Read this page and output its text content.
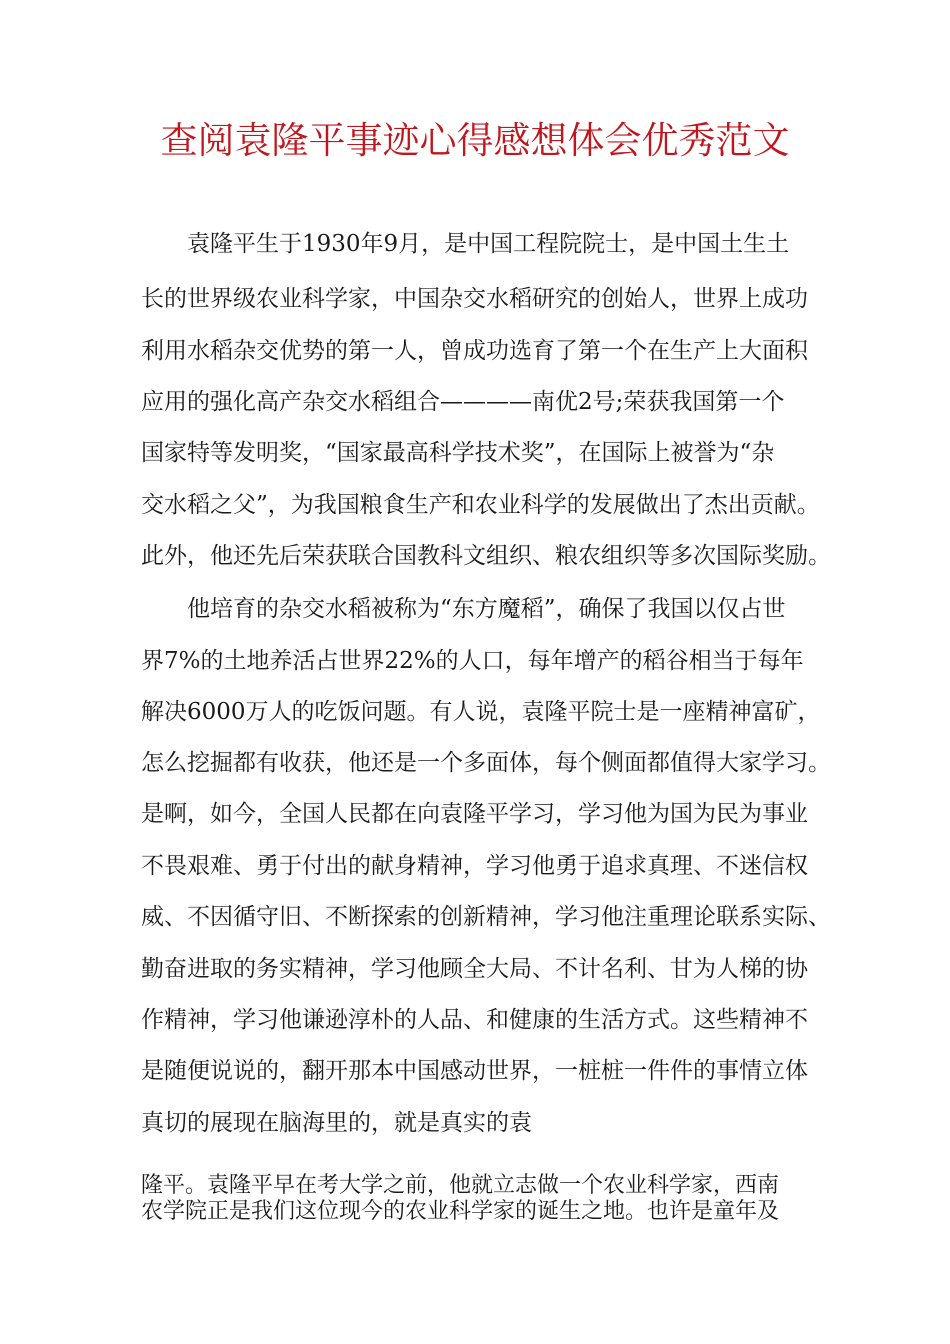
查阅袁隆平事迹心得感想体会优秀范文

袁隆平生于1930年9月，是中国工程院院士，是中国土生土

长的世界级农业科学家，中国杂交水稻研究的创始人，世界上成功

利用水稻杂交优势的第一人，曾成功选育了第一个在生产上大面积

应用的强化高产杂交水稻组合————南优2号;荣获我国第一个

国家特等发明奖，“国家最高科学技术奖”，在国际上被誉为“杂

交水稻之父”，为我国粮食生产和农业科学的发展做出了杰出贡献。

此外，他还先后荣获联合国教科文组织、粮农组织等多次国际奖励。

他培育的杂交水稻被称为“东方魔稻”，确保了我国以仅占世

界7%的土地养活占世界22%的人口，每年增产的稻谷相当于每年

解决6000万人的吃饭问题。有人说，袁隆平院士是一座精神富矿，

怎么挖掘都有收获，他还是一个多面体，每个侧面都值得大家学习。

是啊，如今，全国人民都在向袁隆平学习，学习他为国为民为事业

不畏艰难、勇于付出的献身精神，学习他勇于追求真理、不迷信权

威、不因循守旧、不断探索的创新精神，学习他注重理论联系实际、

勤奋进取的务实精神，学习他顾全大局、不计名利、甘为人梯的协

作精神，学习他谦逊淳朴的人品、和健康的生活方式。这些精神不

是随便说说的，翻开那本中国感动世界，一桩桩一件件的事情立体

真切的展现在脑海里的，就是真实的袁

隆平。袁隆平早在考大学之前，他就立志做一个农业科学家，西南

农学院正是我们这位现今的农业科学家的诞生之地。也许是童年及
